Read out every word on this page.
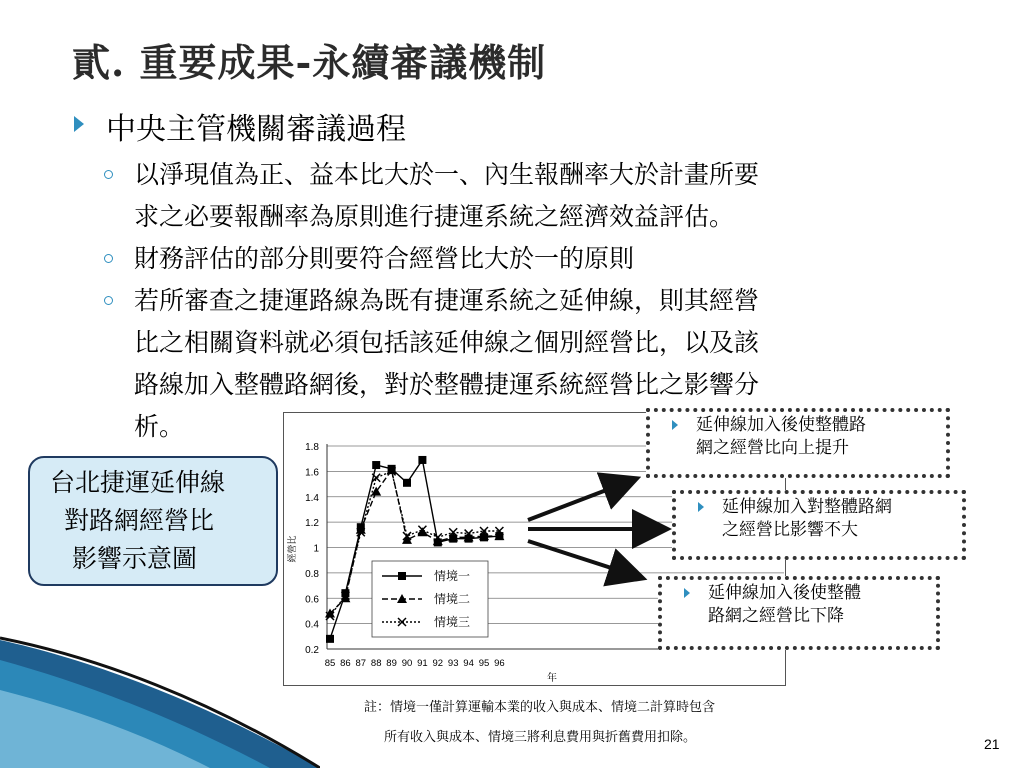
貳. 重要成果-永續審議機制
中央主管機關審議過程
以淨現值為正、益本比大於一、內生報酬率大於計畫所要
求之必要報酬率為原則進行捷運系統之經濟效益評估。
財務評估的部分則要符合經營比大於一的原則
若所審查之捷運路線為既有捷運系統之延伸線，則其經營
比之相關資料就必須包括該延伸線之個別經營比，以及該
路線加入整體路網後，對於整體捷運系統經營比之影響分
析。
台北捷運延伸線
對路網經營比
影響示意圖
0.2
0.4
0.6
0.8
1
1.2
1.4
1.6
1.8
85 86 87 88 89 90 91 92 93 94 95 96
年
經營比
情境一
情境二
情境三
延伸線加入後使整體路
網之經營比向上提升
延伸線加入對整體路網
之經營比影響不大
延伸線加入後使整體
路網之經營比下降
註：情境一僅計算運輸本業的收入與成本、情境二計算時包含
所有收入與成本、情境三將利息費用與折舊費用扣除。	21
